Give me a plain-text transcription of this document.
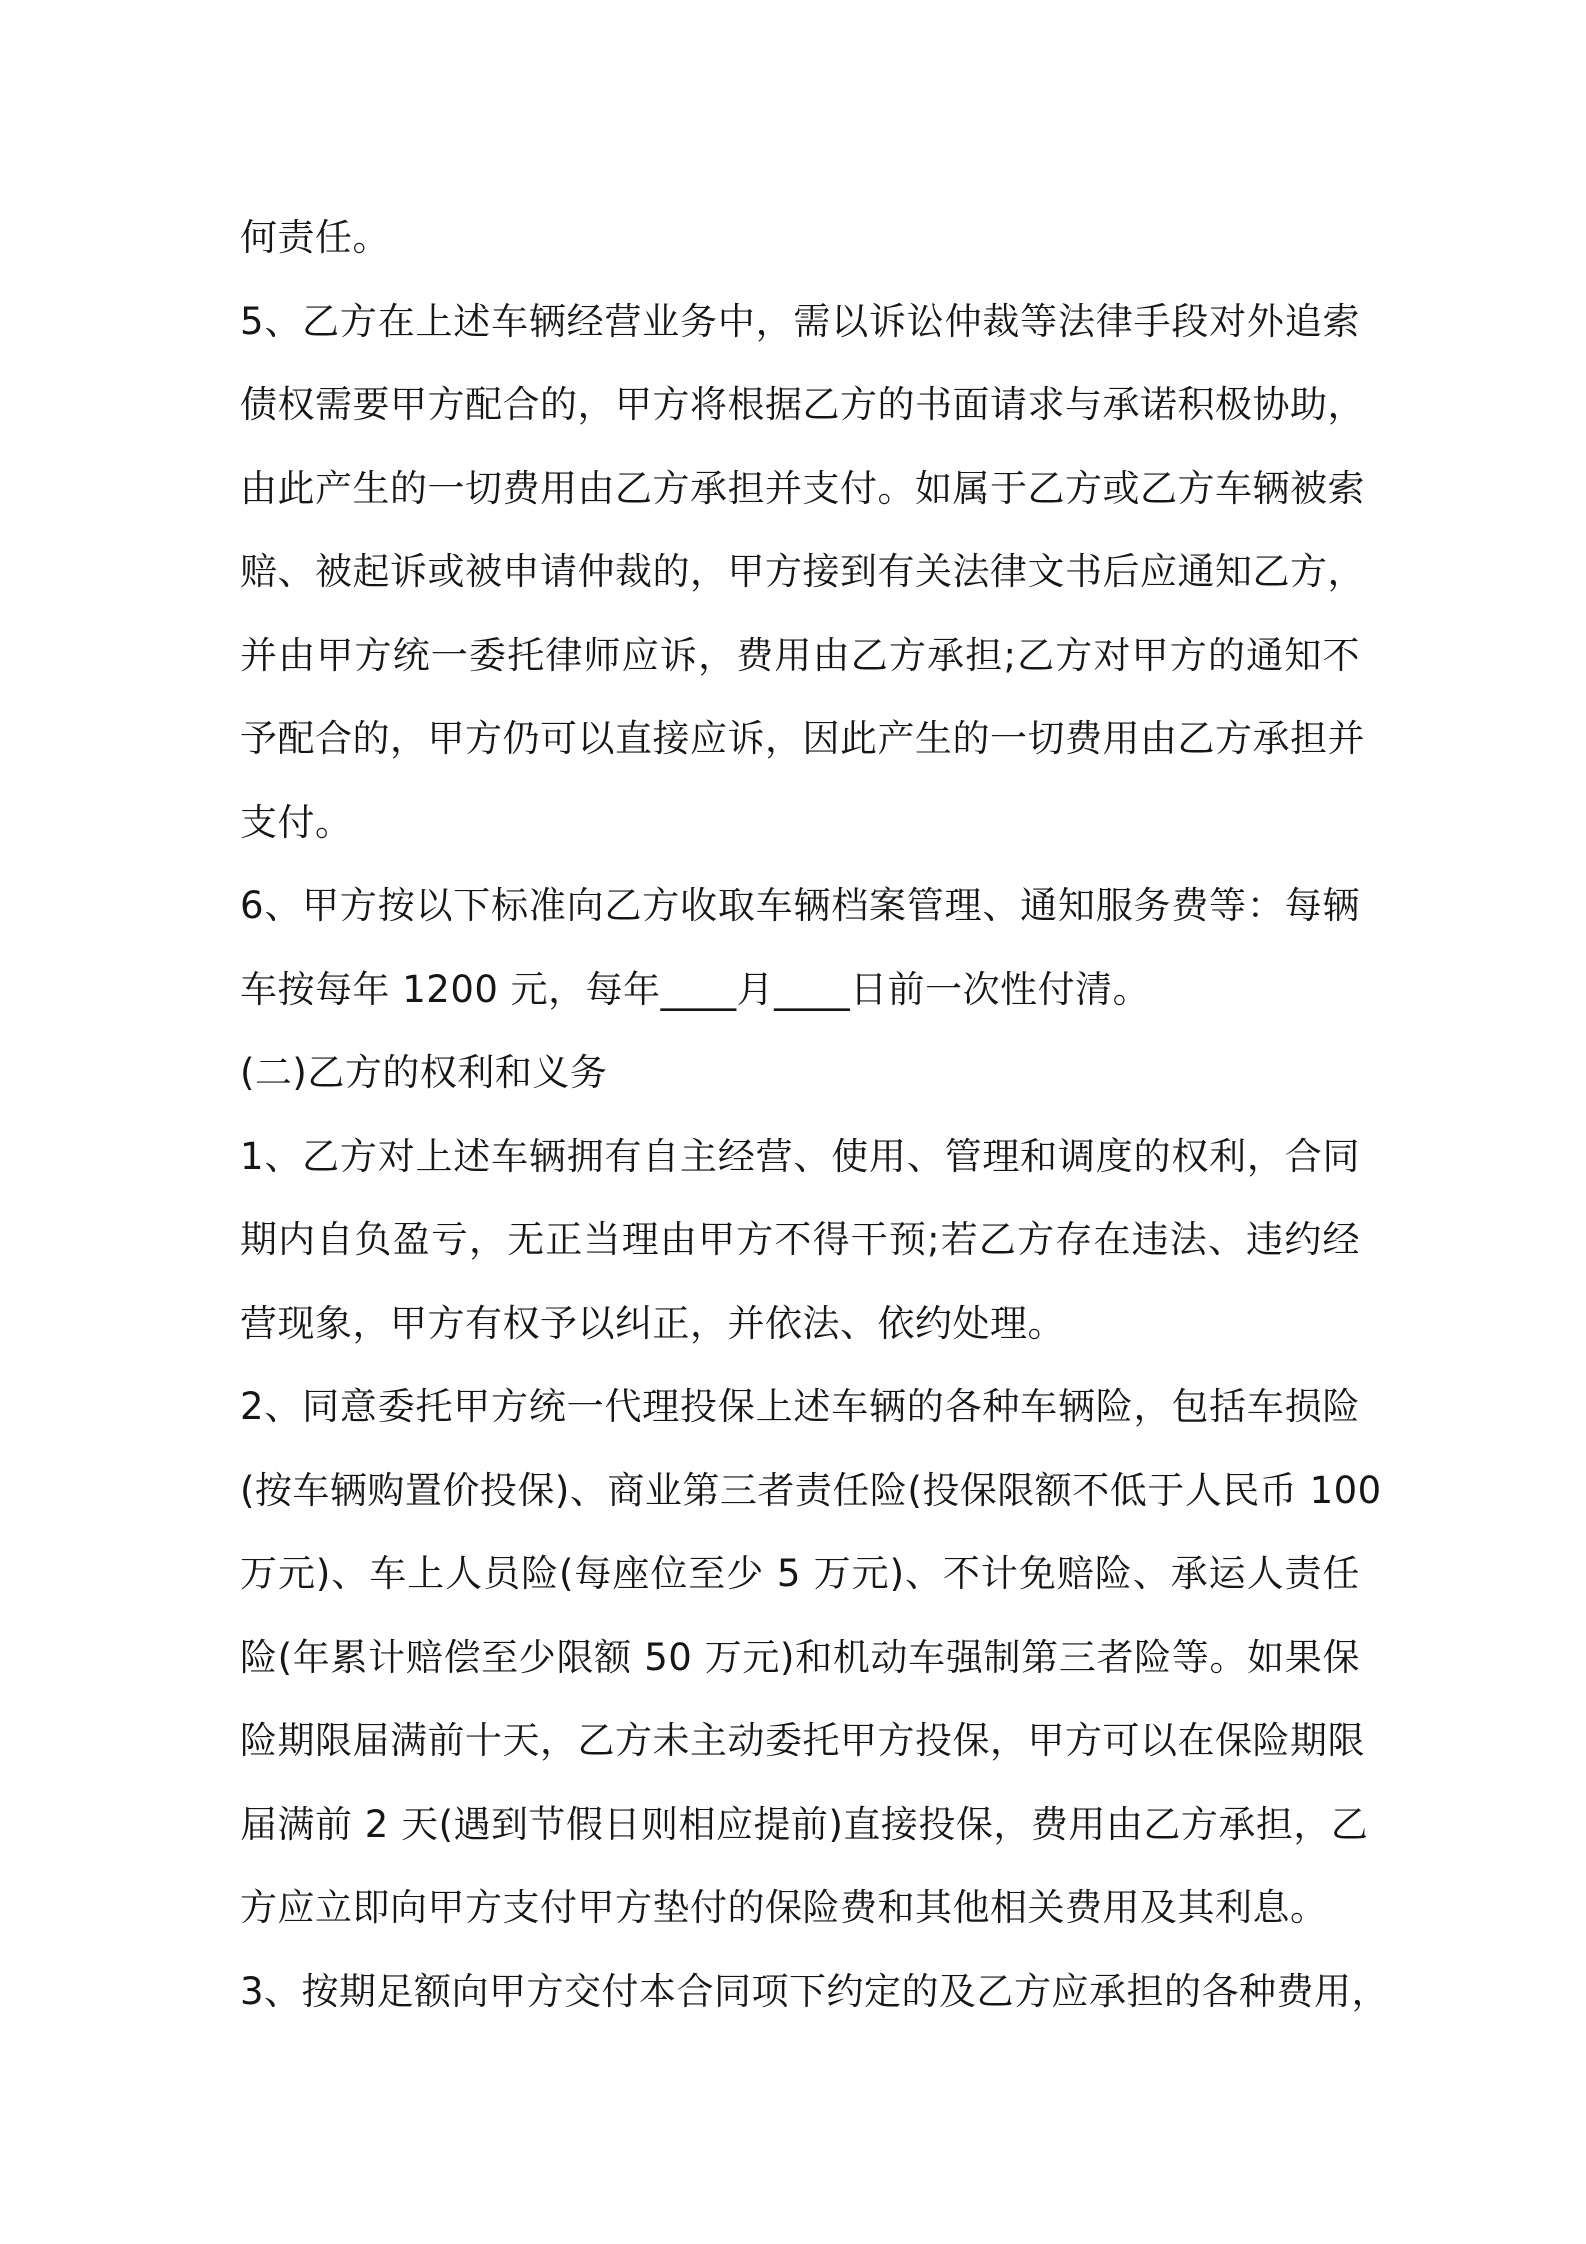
何责任。
5、乙方在上述车辆经营业务中，需以诉讼仲裁等法律手段对外追索
债权需要甲方配合的，甲方将根据乙方的书面请求与承诺积极协助，
由此产生的一切费用由乙方承担并支付。如属于乙方或乙方车辆被索
赔、被起诉或被申请仲裁的，甲方接到有关法律文书后应通知乙方，
并由甲方统一委托律师应诉，费用由乙方承担;乙方对甲方的通知不
予配合的，甲方仍可以直接应诉，因此产生的一切费用由乙方承担并
支付。
6、甲方按以下标准向乙方收取车辆档案管理、通知服务费等：每辆
车按每年 1200 元，每年____月____日前一次性付清。
(二)乙方的权利和义务
1、乙方对上述车辆拥有自主经营、使用、管理和调度的权利，合同
期内自负盈亏，无正当理由甲方不得干预;若乙方存在违法、违约经
营现象，甲方有权予以纠正，并依法、依约处理。
2、同意委托甲方统一代理投保上述车辆的各种车辆险，包括车损险
(按车辆购置价投保)、商业第三者责任险(投保限额不低于人民币 100
万元)、车上人员险(每座位至少 5 万元)、不计免赔险、承运人责任
险(年累计赔偿至少限额 50 万元)和机动车强制第三者险等。如果保
险期限届满前十天，乙方未主动委托甲方投保，甲方可以在保险期限
届满前 2 天(遇到节假日则相应提前)直接投保，费用由乙方承担，乙
方应立即向甲方支付甲方垫付的保险费和其他相关费用及其利息。
3、按期足额向甲方交付本合同项下约定的及乙方应承担的各种费用，
